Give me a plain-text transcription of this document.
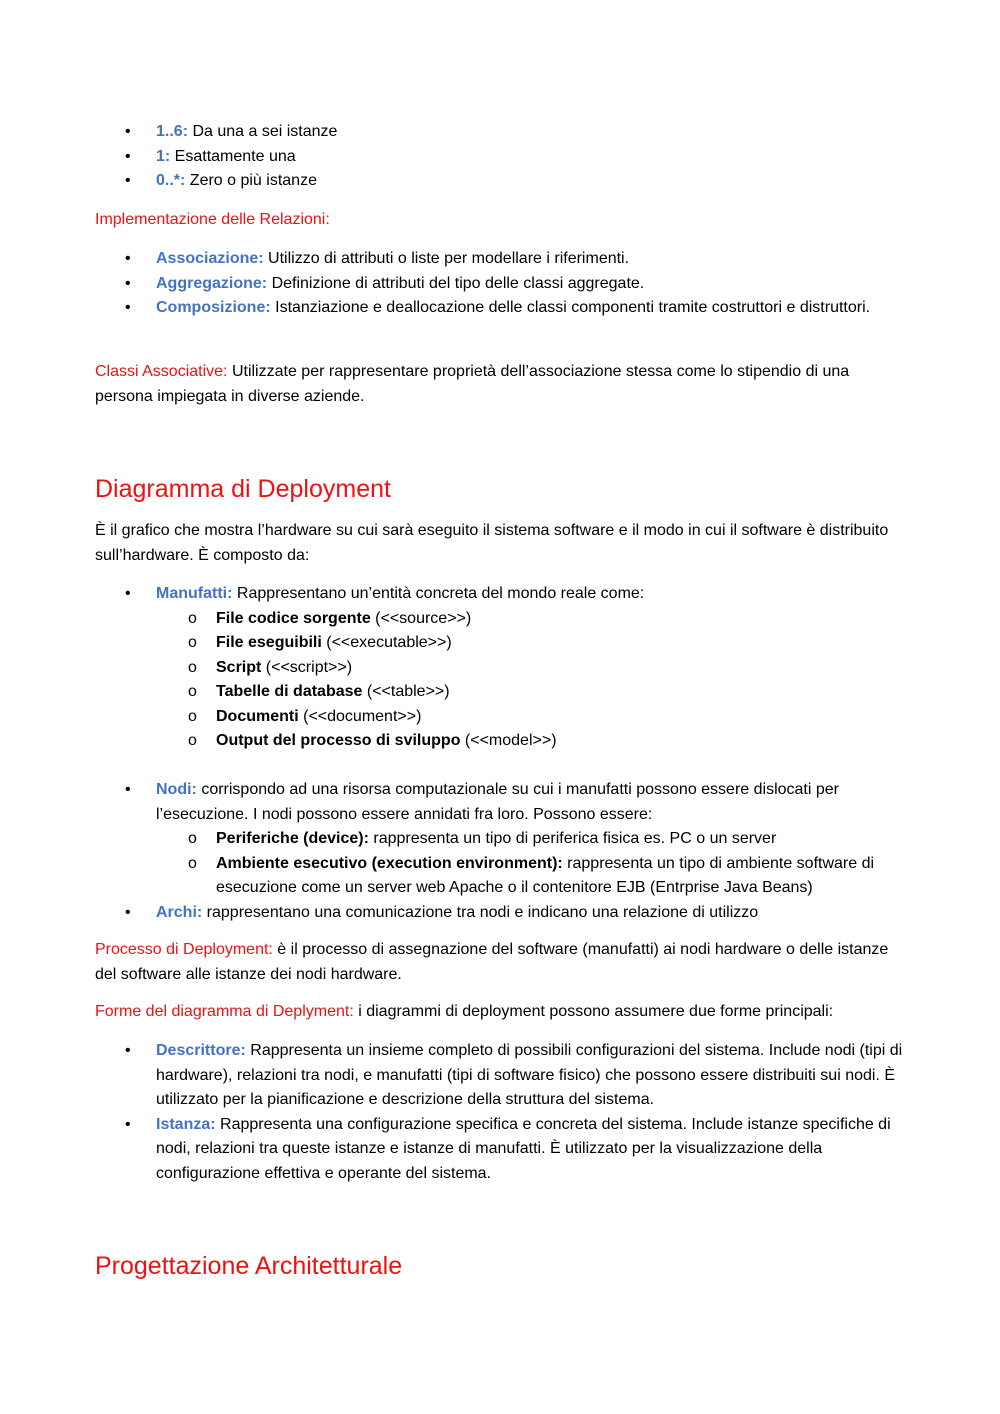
• 1..6: Da una a sei istanze
• 1: Esattamente una
• 0..*: Zero o più istanze

Implementazione delle Relazioni:

• Associazione: Utilizzo di attributi o liste per modellare i riferimenti.
• Aggregazione: Definizione di attributi del tipo delle classi aggregate.
• Composizione: Istanziazione e deallocazione delle classi componenti tramite costruttori e distruttori.

Classi Associative: Utilizzate per rappresentare proprietà dell’associazione stessa come lo stipendio di una persona impiegata in diverse aziende.

Diagramma di Deployment

È il grafico che mostra l’hardware su cui sarà eseguito il sistema software e il modo in cui il software è distribuito sull’hardware. È composto da:

• Manufatti: Rappresentano un’entità concreta del mondo reale come:
o File codice sorgente (<<source>>)
o File eseguibili (<<executable>>)
o Script (<<script>>)
o Tabelle di database (<<table>>)
o Documenti (<<document>>)
o Output del processo di sviluppo (<<model>>)
• Nodi: corrispondo ad una risorsa computazionale su cui i manufatti possono essere dislocati per l’esecuzione. I nodi possono essere annidati fra loro. Possono essere:
o Periferiche (device): rappresenta un tipo di periferica fisica es. PC o un server
o Ambiente esecutivo (execution environment): rappresenta un tipo di ambiente software di esecuzione come un server web Apache o il contenitore EJB (Entrprise Java Beans)
• Archi: rappresentano una comunicazione tra nodi e indicano una relazione di utilizzo

Processo di Deployment: è il processo di assegnazione del software (manufatti) ai nodi hardware o delle istanze del software alle istanze dei nodi hardware.

Forme del diagramma di Deplyment: i diagrammi di deployment possono assumere due forme principali:

• Descrittore: Rappresenta un insieme completo di possibili configurazioni del sistema. Include nodi (tipi di hardware), relazioni tra nodi, e manufatti (tipi di software fisico) che possono essere distribuiti sui nodi. È utilizzato per la pianificazione e descrizione della struttura del sistema.
• Istanza: Rappresenta una configurazione specifica e concreta del sistema. Include istanze specifiche di nodi, relazioni tra queste istanze e istanze di manufatti. È utilizzato per la visualizzazione della configurazione effettiva e operante del sistema.
Progettazione Architetturale
